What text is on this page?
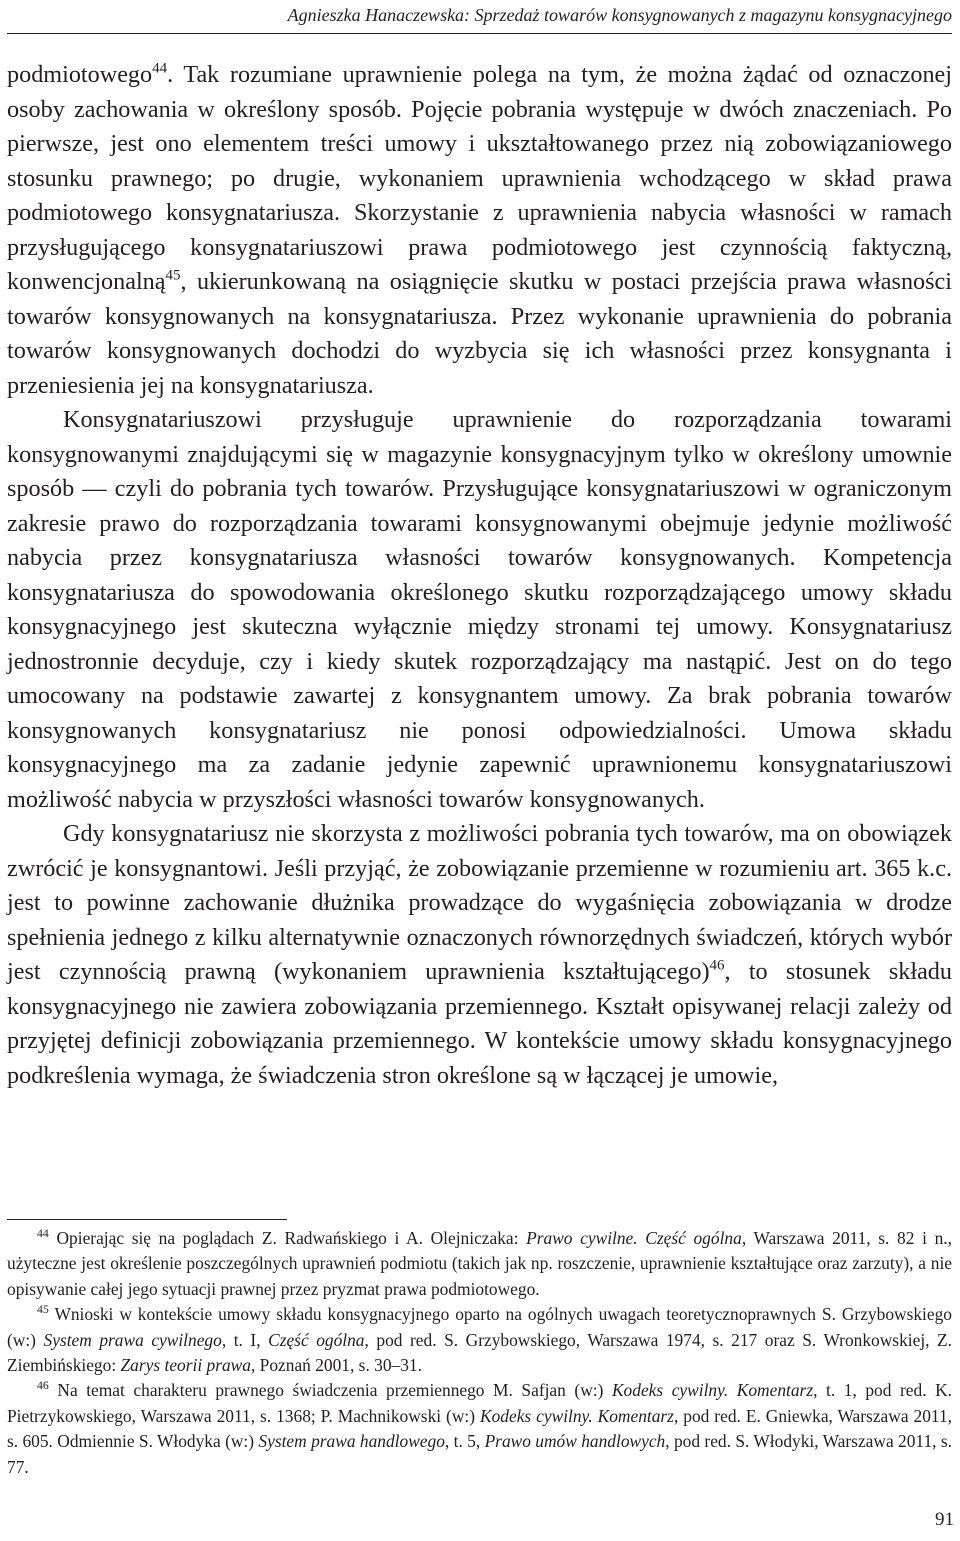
Agnieszka Hanaczewska: Sprzedaż towarów konsygnowanych z magazynu konsygnacyjnego

podmiotowego$^{44}$. Tak rozumiane uprawnienie polega na tym, że można żądać od oznaczonej osoby zachowania w określony sposób. Pojęcie pobrania występuje w dwóch znaczeniach. Po pierwsze, jest ono elementem treści umowy i ukształtowanego przez nią zobowiązaniowego stosunku prawnego; po drugie, wykonaniem uprawnienia wchodzącego w skład prawa podmiotowego konsygnatariusza. Skorzystanie z uprawnienia nabycia własności w ramach przysługującego konsygnatariuszowi prawa podmiotowego jest czynnością faktyczną, konwencjonalną$^{45}$, ukierunkowaną na osiągnięcie skutku w postaci przejścia prawa własności towarów konsygnowanych na konsygnatariusza. Przez wykonanie uprawnienia do pobrania towarów konsygnowanych dochodzi do wyzbycia się ich własności przez konsygnanta i przeniesienia jej na konsygnatariusza.

Konsygnatariuszowi przysługuje uprawnienie do rozporządzania towarami konsygnowanymi znajdującymi się w magazynie konsygnacyjnym tylko w określony umownie sposób — czyli do pobrania tych towarów. Przysługujące konsygnatariuszowi w ograniczonym zakresie prawo do rozporządzania towarami konsygnowanymi obejmuje jedynie możliwość nabycia przez konsygnatariusza własności towarów konsygnowanych. Kompetencja konsygnatariusza do spowodowania określonego skutku rozporządzającego umowy składu konsygnacyjnego jest skuteczna wyłącznie między stronami tej umowy. Konsygnatariusz jednostronnie decyduje, czy i kiedy skutek rozporządzający ma nastąpić. Jest on do tego umocowany na podstawie zawartej z konsygnantem umowy. Za brak pobrania towarów konsygnowanych konsygnatariusz nie ponosi odpowiedzialności. Umowa składu konsygnacyjnego ma za zadanie jedynie zapewnić uprawnionemu konsygnatariuszowi możliwość nabycia w przyszłości własności towarów konsygnowanych.

Gdy konsygnatariusz nie skorzysta z możliwości pobrania tych towarów, ma on obowiązek zwrócić je konsygnantowi. Jeśli przyjąć, że zobowiązanie przemienne w rozumieniu art. 365 k.c. jest to powinne zachowanie dłużnika prowadzące do wygaśnięcia zobowiązania w drodze spełnienia jednego z kilku alternatywnie oznaczonych równorzędnych świadczeń, których wybór jest czynnością prawną (wykonaniem uprawnienia kształtującego)$^{46}$, to stosunek składu konsygnacyjnego nie zawiera zobowiązania przemiennego. Kształt opisywanej relacji zależy od przyjętej definicji zobowiązania przemiennego. W kontekście umowy składu konsygnacyjnego podkreślenia wymaga, że świadczenia stron określone są w łączącej je umowie,

$^{44}$ Opierając się na poglądach Z. Radwańskiego i A. Olejniczaka: Prawo cywilne. Część ogólna, Warszawa 2011, s. 82 i n., użyteczne jest określenie poszczególnych uprawnień podmiotu (takich jak np. roszczenie, uprawnienie kształtujące oraz zarzuty), a nie opisywanie całej jego sytuacji prawnej przez pryzmat prawa podmiotowego.

$^{45}$ Wnioski w kontekście umowy składu konsygnacyjnego oparto na ogólnych uwagach teoretycznoprawnych S. Grzybowskiego (w:) System prawa cywilnego, t. I, Część ogólna, pod red. S. Grzybowskiego, Warszawa 1974, s. 217 oraz S. Wronkowskiej, Z. Ziembińskiego: Zarys teorii prawa, Poznań 2001, s. 30–31.

$^{46}$ Na temat charakteru prawnego świadczenia przemiennego M. Safjan (w:) Kodeks cywilny. Komentarz, t. 1, pod red. K. Pietrzykowskiego, Warszawa 2011, s. 1368; P. Machnikowski (w:) Kodeks cywilny. Komentarz, pod red. E. Gniewka, Warszawa 2011, s. 605. Odmiennie S. Włodyka (w:) System prawa handlowego, t. 5, Prawo umów handlowych, pod red. S. Włodyki, Warszawa 2011, s. 77.

91
